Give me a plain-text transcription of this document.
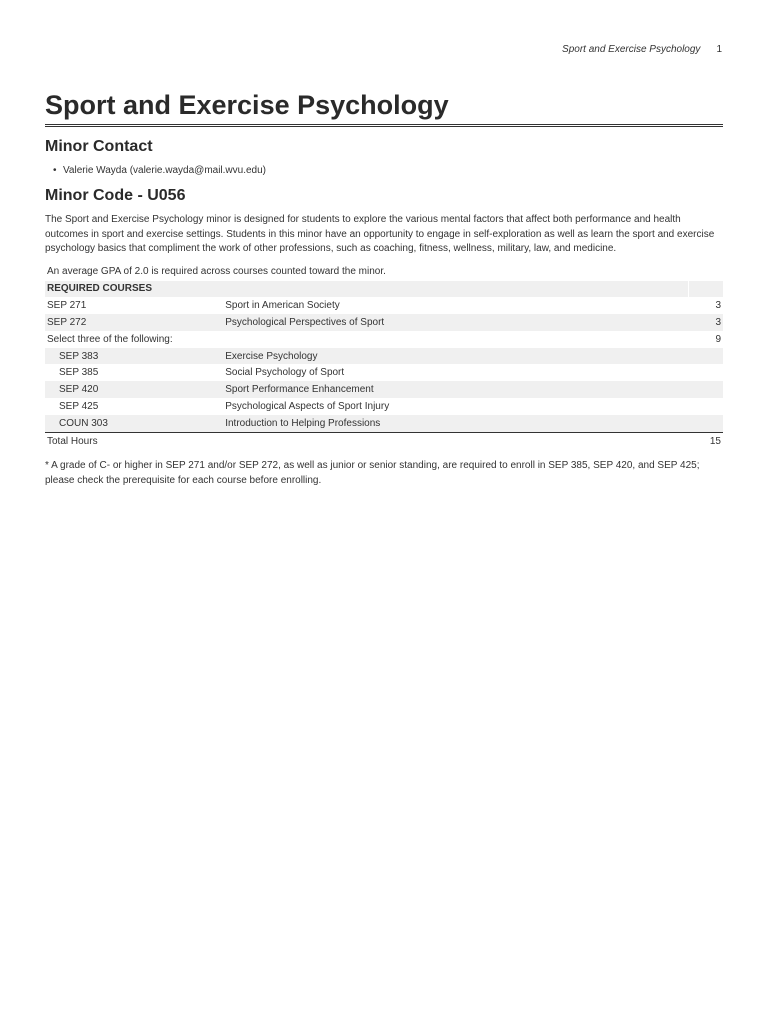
Sport and Exercise Psychology 1
Sport and Exercise Psychology
Minor Contact
• Valerie Wayda (valerie.wayda@mail.wvu.edu)
Minor Code - U056

The Sport and Exercise Psychology minor is designed for students to explore the various mental factors that affect both performance and health outcomes in sport and exercise settings. Students in this minor have an opportunity to engage in self-exploration as well as learn the sport and exercise psychology basics that compliment the work of other professions, such as coaching, fitness, wellness, military, law, and medicine.

An average GPA of 2.0 is required across courses counted toward the minor.

REQUIRED COURSES		
SEP 271	Sport in American Society	3
SEP 272	Psychological Perspectives of Sport	3
Select three of the following:		9
SEP 383	Exercise Psychology	
SEP 385	Social Psychology of Sport	
SEP 420	Sport Performance Enhancement	
SEP 425	Psychological Aspects of Sport Injury	
COUN 303	Introduction to Helping Professions	
Total Hours		15

* A grade of C- or higher in SEP 271 and/or SEP 272, as well as junior or senior standing, are required to enroll in SEP 385, SEP 420, and SEP 425; please check the prerequisite for each course before enrolling.
